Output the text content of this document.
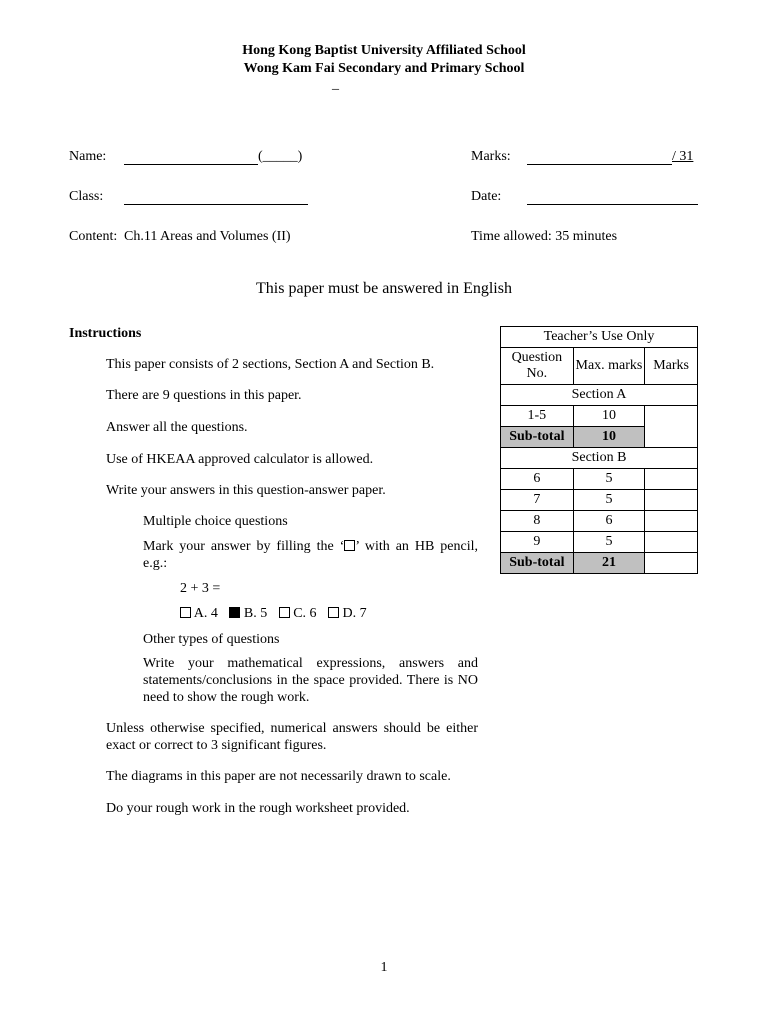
Hong Kong Baptist University Affiliated School
Wong Kam Fai Secondary and Primary School
_
Name:	(_____)	Marks:	/ 31
Class:	Date:
Content: Ch.11 Areas and Volumes (II)	Time allowed: 35 minutes
This paper must be answered in English
Instructions
This paper consists of 2 sections, Section A and Section B.
There are 9 questions in this paper.
Answer all the questions.
Use of HKEAA approved calculator is allowed.
Write your answers in this question-answer paper.
Multiple choice questions
Mark your answer by filling the ‘ ’ with an HB pencil, e.g.:
2 + 3 =
A. 4 B. 5 C. 6 D. 7
Other types of questions
Write your mathematical expressions, answers and statements/conclusions in the space provided. There is NO need to show the rough work.
Unless otherwise specified, numerical answers should be either exact or correct to 3 significant figures.
The diagrams in this paper are not necessarily drawn to scale.
Do your rough work in the rough worksheet provided.
Teacher’s Use Only		
Question No.	Max. marks	Marks
Section A		
1-5	10	
Sub-total	10	
Section B		
6	5	
7	5	
8	6	
9	5	
Sub-total	21	
1
